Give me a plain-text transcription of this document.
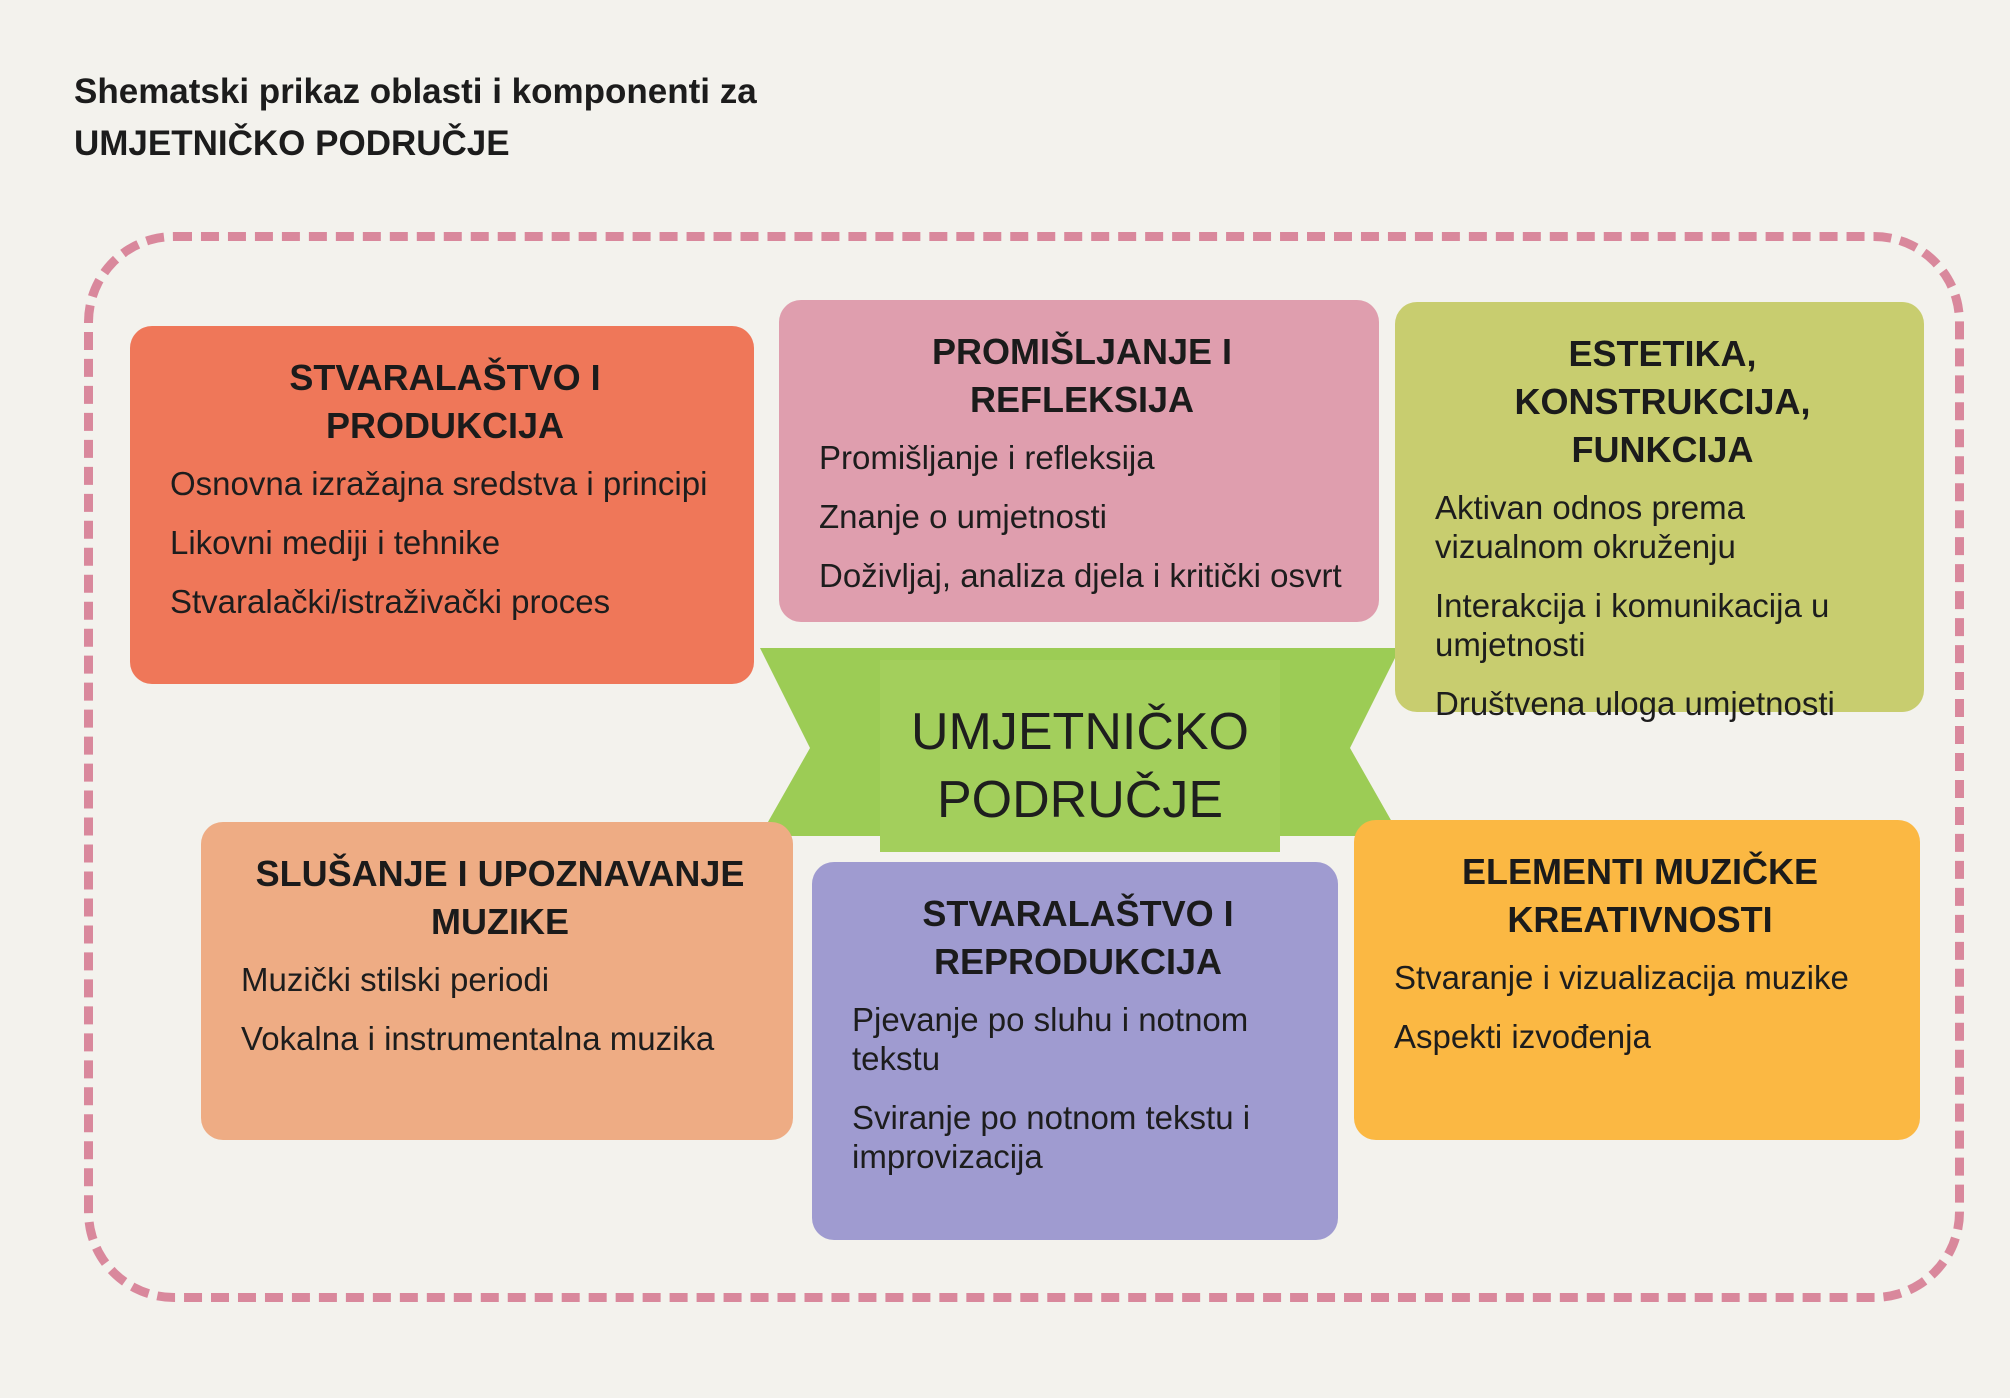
Shematski prikaz oblasti i komponenti za
UMJETNIČKO PODRUČJE
UMJETNIČKO
PODRUČJE
STVARALAŠTVO I PRODUKCIJA
Osnovna izražajna sredstva i principi
Likovni mediji i tehnike
Stvaralački/istraživački proces
PROMIŠLJANJE I REFLEKSIJA
Promišljanje i refleksija
Znanje o umjetnosti
Doživljaj, analiza djela i kritički osvrt
ESTETIKA, KONSTRUKCIJA, FUNKCIJA
Aktivan odnos prema vizualnom okruženju
Interakcija i komunikacija u umjetnosti
Društvena uloga umjetnosti
SLUŠANJE I UPOZNAVANJE MUZIKE
Muzički stilski periodi
Vokalna i instrumentalna muzika
STVARALAŠTVO I REPRODUKCIJA
Pjevanje po sluhu i notnom tekstu
Sviranje po notnom tekstu i improvizacija
ELEMENTI MUZIČKE KREATIVNOSTI
Stvaranje i vizualizacija muzike
Aspekti izvođenja
